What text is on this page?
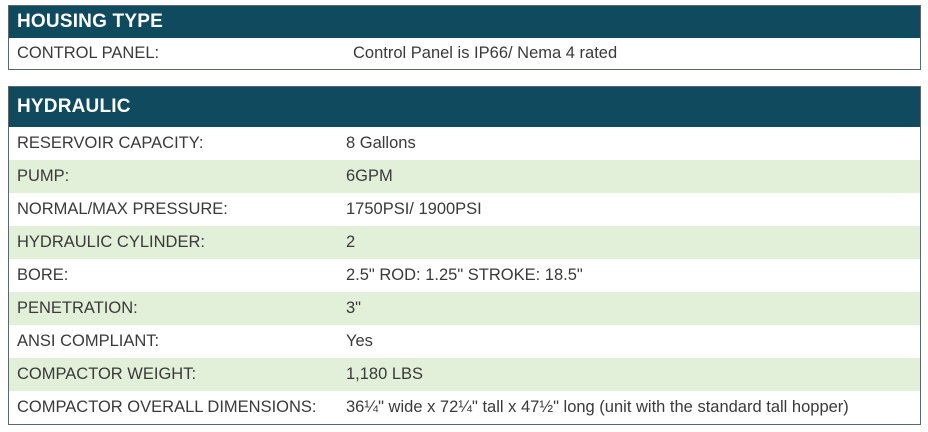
HOUSING TYPE
CONTROL PANEL:	Control Panel is IP66/ Nema 4 rated
HYDRAULIC
RESERVOIR CAPACITY:	8 Gallons
PUMP:	6GPM
NORMAL/MAX PRESSURE:	1750PSI/ 1900PSI
HYDRAULIC CYLINDER:	2
BORE:	2.5" ROD: 1.25" STROKE: 18.5"
PENETRATION:	3"
ANSI COMPLIANT:	Yes
COMPACTOR WEIGHT:	1,180 LBS
COMPACTOR OVERALL DIMENSIONS: 36¼" wide x 72¼" tall x 47½" long (unit with the standard tall hopper)
